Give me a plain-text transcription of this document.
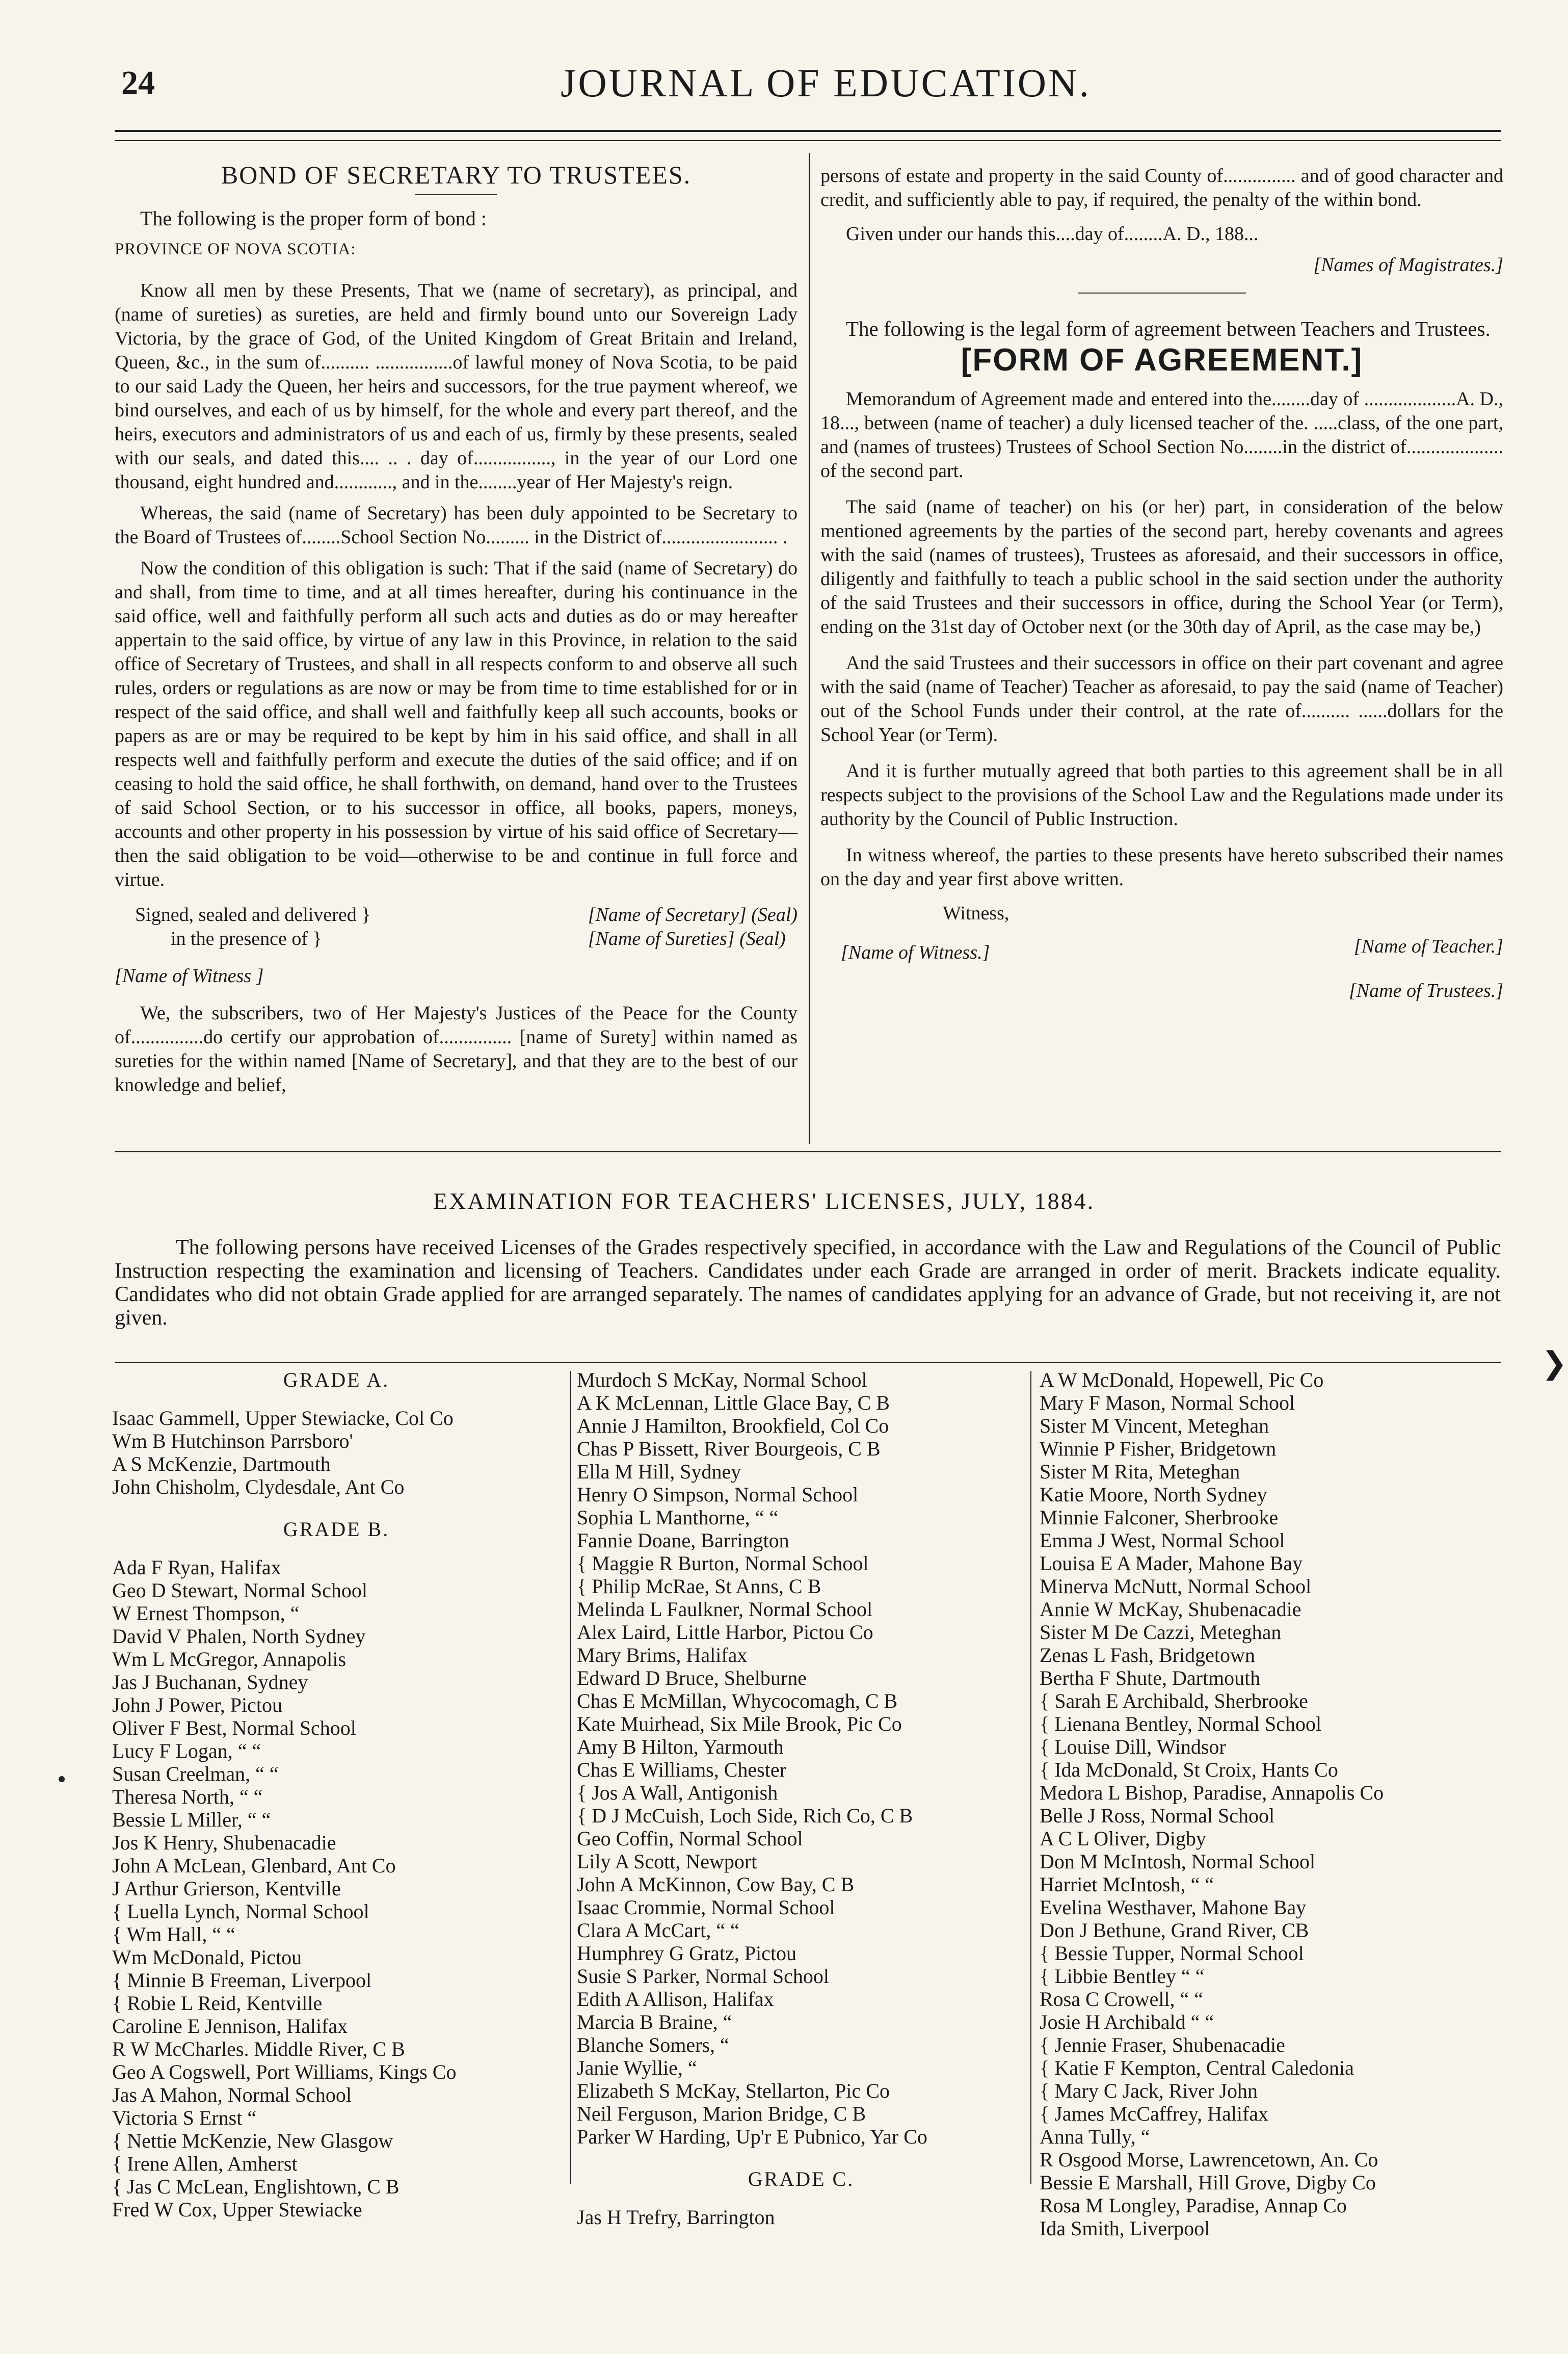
24	JOURNAL OF EDUCATION.
BOND OF SECRETARY TO TRUSTEES.

The following is the proper form of bond :

PROVINCE OF NOVA SCOTIA:

Know all men by these Presents, That we (name of secretary), as principal, and (name of sureties) as sureties, are held and firmly bound unto our Sovereign Lady Victoria, by the grace of God, of the United Kingdom of Great Britain and Ireland, Queen, &c., in the sum of.......... ................of lawful money of Nova Scotia, to be paid to our said Lady the Queen, her heirs and successors, for the true payment whereof, we bind ourselves, and each of us by himself, for the whole and every part thereof, and the heirs, executors and administrators of us and each of us, firmly by these presents, sealed with our seals, and dated this.... .. . day of................, in the year of our Lord one thousand, eight hundred and............, and in the........year of Her Majesty's reign.

Whereas, the said (name of Secretary) has been duly appointed to be Secretary to the Board of Trustees of........School Section No......... in the District of........................ .

Now the condition of this obligation is such: That if the said (name of Secretary) do and shall, from time to time, and at all times hereafter, during his continuance in the said office, well and faithfully perform all such acts and duties as do or may hereafter appertain to the said office, by virtue of any law in this Province, in relation to the said office of Secretary of Trustees, and shall in all respects conform to and observe all such rules, orders or regulations as are now or may be from time to time established for or in respect of the said office, and shall well and faithfully keep all such accounts, books or papers as are or may be required to be kept by him in his said office, and shall in all respects well and faithfully perform and execute the duties of the said office; and if on ceasing to hold the said office, he shall forthwith, on demand, hand over to the Trustees of said School Section, or to his successor in office, all books, papers, moneys, accounts and other property in his possession by virtue of his said office of Secretary—then the said obligation to be void—otherwise to be and continue in full force and virtue.

Signed, sealed and delivered }
in the presence of }
[Name of Secretary] (Seal)
[Name of Sureties] (Seal)

[Name of Witness ]

We, the subscribers, two of Her Majesty's Justices of the Peace for the County of...............do certify our approbation of............... [name of Surety] within named as sureties for the within named [Name of Secretary], and that they are to the best of our knowledge and belief,

persons of estate and property in the said County of............... and of good character and credit, and sufficiently able to pay, if required, the penalty of the within bond.

Given under our hands this....day of........A. D., 188...

[Names of Magistrates.]

The following is the legal form of agreement between Teachers and Trustees.

[FORM OF AGREEMENT.]

Memorandum of Agreement made and entered into the........day of ...................A. D., 18..., between (name of teacher) a duly licensed teacher of the. .....class, of the one part, and (names of trustees) Trustees of School Section No........in the district of.................... of the second part.

The said (name of teacher) on his (or her) part, in consideration of the below mentioned agreements by the parties of the second part, hereby covenants and agrees with the said (names of trustees), Trustees as aforesaid, and their successors in office, diligently and faithfully to teach a public school in the said section under the authority of the said Trustees and their successors in office, during the School Year (or Term), ending on the 31st day of October next (or the 30th day of April, as the case may be,)

And the said Trustees and their successors in office on their part covenant and agree with the said (name of Teacher) Teacher as aforesaid, to pay the said (name of Teacher) out of the School Funds under their control, at the rate of.......... ......dollars for the School Year (or Term).

And it is further mutually agreed that both parties to this agreement shall be in all respects subject to the provisions of the School Law and the Regulations made under its authority by the Council of Public Instruction.

In witness whereof, the parties to these presents have hereto subscribed their names on the day and year first above written.

Witness,
[Name of Witness.]	[Name of Teacher.]
[Name of Trustees.]
EXAMINATION FOR TEACHERS' LICENSES, JULY, 1884.

The following persons have received Licenses of the Grades respectively specified, in accordance with the Law and Regulations of the Council of Public Instruction respecting the examination and licensing of Teachers. Candidates under each Grade are arranged in order of merit. Brackets indicate equality. Candidates who did not obtain Grade applied for are arranged separately. The names of candidates applying for an advance of Grade, but not receiving it, are not given.

❯
GRADE A.
Isaac Gammell, Upper Stewiacke, Col Co
Wm B Hutchinson Parrsboro'
A S McKenzie, Dartmouth
John Chisholm, Clydesdale, Ant Co
GRADE B.
Ada F Ryan, Halifax
Geo D Stewart, Normal School
W Ernest Thompson, “
David V Phalen, North Sydney
Wm L McGregor, Annapolis
Jas J Buchanan, Sydney
John J Power, Pictou
Oliver F Best, Normal School
Lucy F Logan, “ “
Susan Creelman, “ “
Theresa North, “ “
Bessie L Miller, “ “
Jos K Henry, Shubenacadie
John A McLean, Glenbard, Ant Co
J Arthur Grierson, Kentville
{ Luella Lynch, Normal School
{ Wm Hall, “ “
Wm McDonald, Pictou
{ Minnie B Freeman, Liverpool
{ Robie L Reid, Kentville
Caroline E Jennison, Halifax
R W McCharles. Middle River, C B
Geo A Cogswell, Port Williams, Kings Co
Jas A Mahon, Normal School
Victoria S Ernst “
{ Nettie McKenzie, New Glasgow
{ Irene Allen, Amherst
{ Jas C McLean, Englishtown, C B
Fred W Cox, Upper Stewiacke
Murdoch S McKay, Normal School
A K McLennan, Little Glace Bay, C B
Annie J Hamilton, Brookfield, Col Co
Chas P Bissett, River Bourgeois, C B
Ella M Hill, Sydney
Henry O Simpson, Normal School
Sophia L Manthorne, “ “
Fannie Doane, Barrington
{ Maggie R Burton, Normal School
{ Philip McRae, St Anns, C B
Melinda L Faulkner, Normal School
Alex Laird, Little Harbor, Pictou Co
Mary Brims, Halifax
Edward D Bruce, Shelburne
Chas E McMillan, Whycocomagh, C B
Kate Muirhead, Six Mile Brook, Pic Co
Amy B Hilton, Yarmouth
Chas E Williams, Chester
{ Jos A Wall, Antigonish
{ D J McCuish, Loch Side, Rich Co, C B
Geo Coffin, Normal School
Lily A Scott, Newport
John A McKinnon, Cow Bay, C B
Isaac Crommie, Normal School
Clara A McCart, “ “
Humphrey G Gratz, Pictou
Susie S Parker, Normal School
Edith A Allison, Halifax
Marcia B Braine, “
Blanche Somers, “
Janie Wyllie, “
Elizabeth S McKay, Stellarton, Pic Co
Neil Ferguson, Marion Bridge, C B
Parker W Harding, Up'r E Pubnico, Yar Co
GRADE C.
Jas H Trefry, Barrington
A W McDonald, Hopewell, Pic Co
Mary F Mason, Normal School
Sister M Vincent, Meteghan
Winnie P Fisher, Bridgetown
Sister M Rita, Meteghan
Katie Moore, North Sydney
Minnie Falconer, Sherbrooke
Emma J West, Normal School
Louisa E A Mader, Mahone Bay
Minerva McNutt, Normal School
Annie W McKay, Shubenacadie
Sister M De Cazzi, Meteghan
Zenas L Fash, Bridgetown
Bertha F Shute, Dartmouth
{ Sarah E Archibald, Sherbrooke
{ Lienana Bentley, Normal School
{ Louise Dill, Windsor
{ Ida McDonald, St Croix, Hants Co
Medora L Bishop, Paradise, Annapolis Co
Belle J Ross, Normal School
A C L Oliver, Digby
Don M McIntosh, Normal School
Harriet McIntosh, “ “
Evelina Westhaver, Mahone Bay
Don J Bethune, Grand River, CB
{ Bessie Tupper, Normal School
{ Libbie Bentley “ “
Rosa C Crowell, “ “
Josie H Archibald “ “
{ Jennie Fraser, Shubenacadie
{ Katie F Kempton, Central Caledonia
{ Mary C Jack, River John
{ James McCaffrey, Halifax
Anna Tully, “
R Osgood Morse, Lawrencetown, An. Co
Bessie E Marshall, Hill Grove, Digby Co
Rosa M Longley, Paradise, Annap Co
Ida Smith, Liverpool
